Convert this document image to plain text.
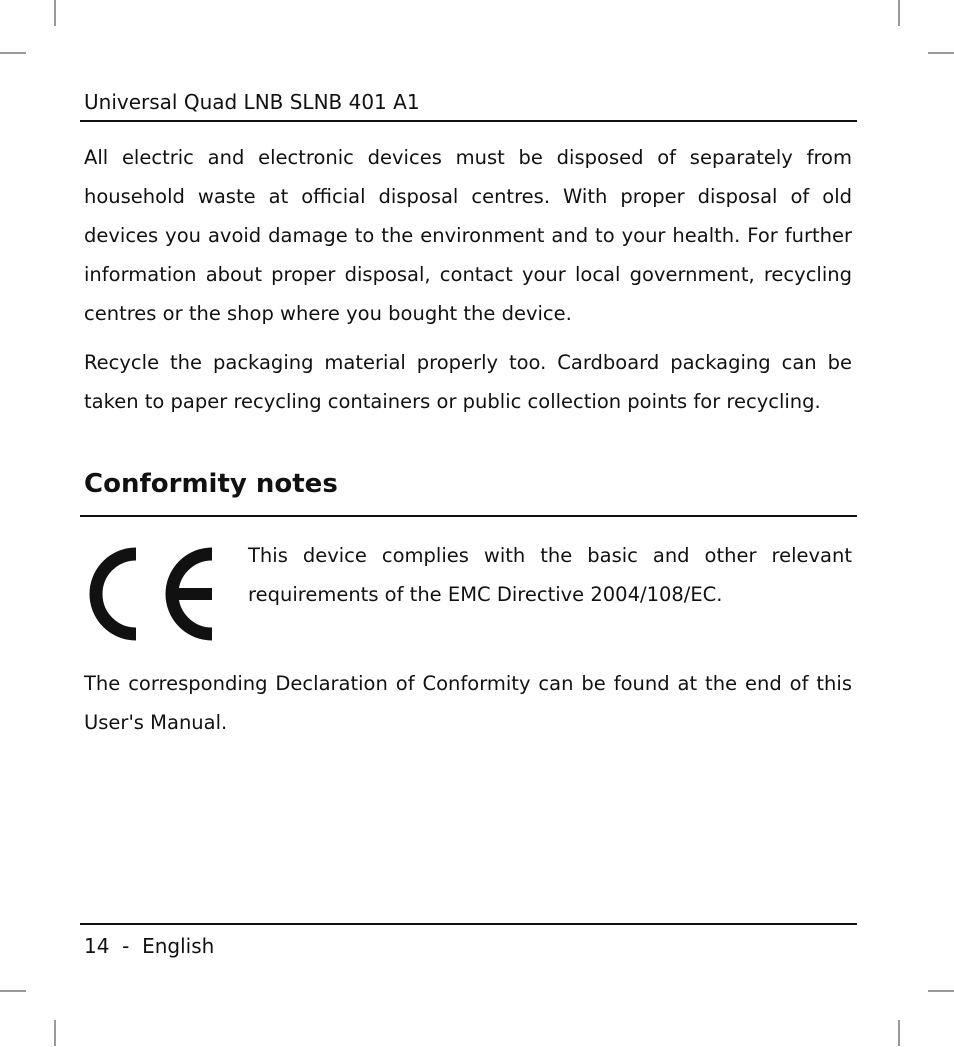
Universal Quad LNB SLNB 401 A1

All electric and electronic devices must be disposed of separately from household waste at official disposal centres. With proper disposal of old devices you avoid damage to the environment and to your health. For further information about proper disposal, contact your local government, recycling centres or the shop where you bought the device.

Recycle the packaging material properly too. Cardboard packaging can be taken to paper recycling containers or public collection points for recycling.

Conformity notes

This device complies with the basic and other relevant requirements of the EMC Directive 2004/108/EC.

The corresponding Declaration of Conformity can be found at the end of this User's Manual.

14  -  English
